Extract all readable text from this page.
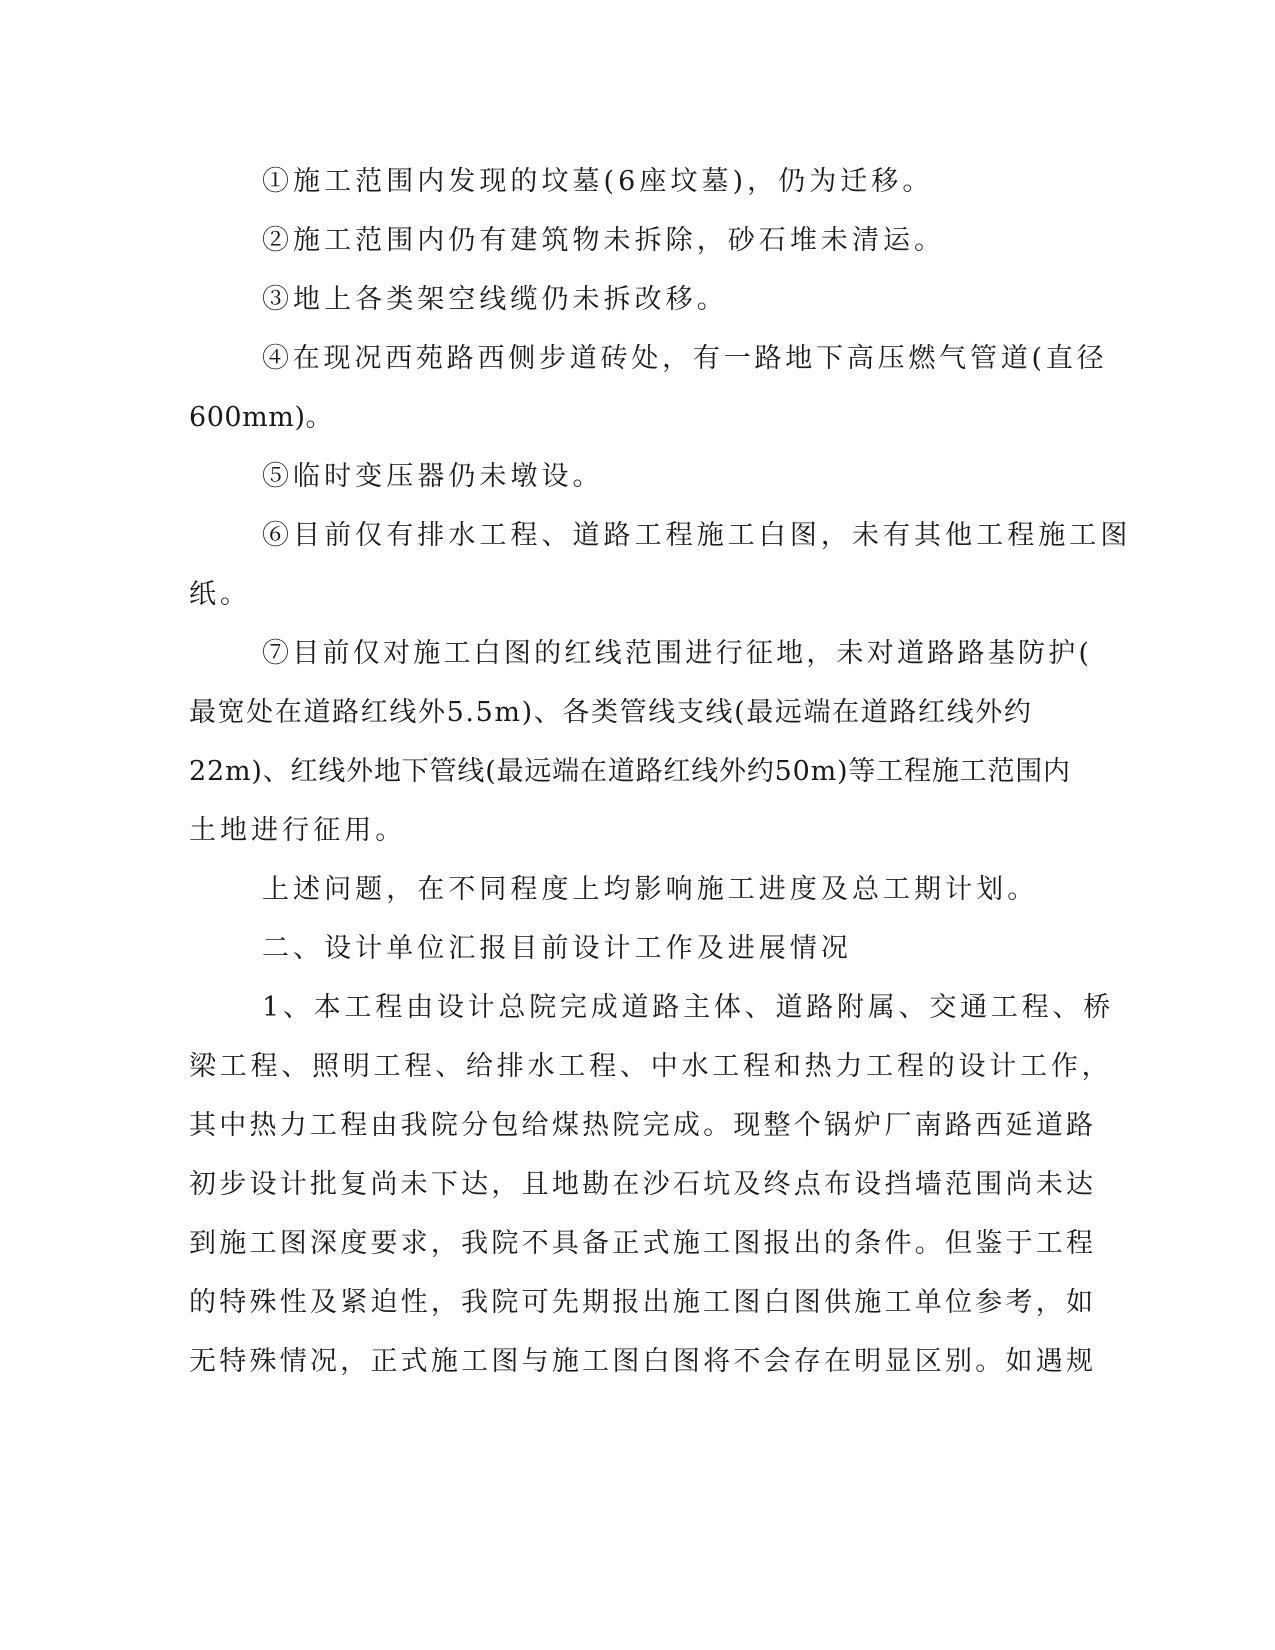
①施工范围内发现的坟墓(6座坟墓)，仍为迁移。
②施工范围内仍有建筑物未拆除，砂石堆未清运。
③地上各类架空线缆仍未拆改移。
④在现况西苑路西侧步道砖处，有一路地下高压燃气管道(直径
600mm)。
⑤临时变压器仍未墩设。
⑥目前仅有排水工程、道路工程施工白图，未有其他工程施工图
纸。
⑦目前仅对施工白图的红线范围进行征地，未对道路路基防护(
最宽处在道路红线外5.5m)、各类管线支线(最远端在道路红线外约
22m)、红线外地下管线(最远端在道路红线外约50m)等工程施工范围内
土地进行征用。
上述问题，在不同程度上均影响施工进度及总工期计划。
二、设计单位汇报目前设计工作及进展情况
1、本工程由设计总院完成道路主体、道路附属、交通工程、桥
梁工程、照明工程、给排水工程、中水工程和热力工程的设计工作，
其中热力工程由我院分包给煤热院完成。现整个锅炉厂南路西延道路
初步设计批复尚未下达，且地勘在沙石坑及终点布设挡墙范围尚未达
到施工图深度要求，我院不具备正式施工图报出的条件。但鉴于工程
的特殊性及紧迫性，我院可先期报出施工图白图供施工单位参考，如
无特殊情况，正式施工图与施工图白图将不会存在明显区别。如遇规
